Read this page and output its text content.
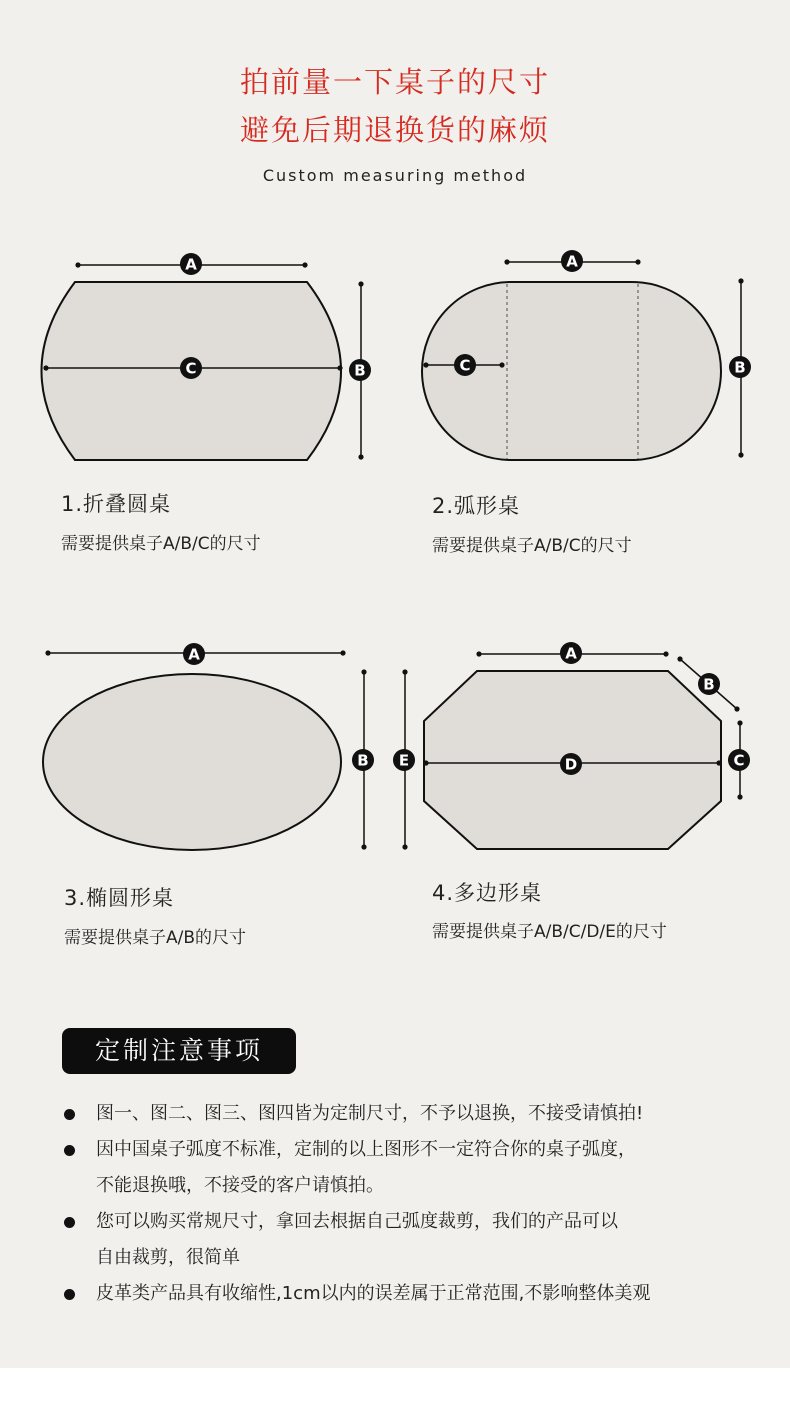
拍前量一下桌子的尺寸
避免后期退换货的麻烦
Custom measuring method
A
B
C
A
B
C
A
B
A
B
C
D
E
1.折叠圆桌
需要提供桌子A/B/C的尺寸
2.弧形桌
需要提供桌子A/B/C的尺寸
3.椭圆形桌
需要提供桌子A/B的尺寸
4.多边形桌
需要提供桌子A/B/C/D/E的尺寸
定制注意事项
图一、图二、图三、图四皆为定制尺寸，不予以退换，不接受请慎拍!
因中国桌子弧度不标准，定制的以上图形不一定符合你的桌子弧度，
不能退换哦，不接受的客户请慎拍。
您可以购买常规尺寸，拿回去根据自己弧度裁剪，我们的产品可以
自由裁剪，很简单
皮革类产品具有收缩性,1cm以内的误差属于正常范围,不影响整体美观
